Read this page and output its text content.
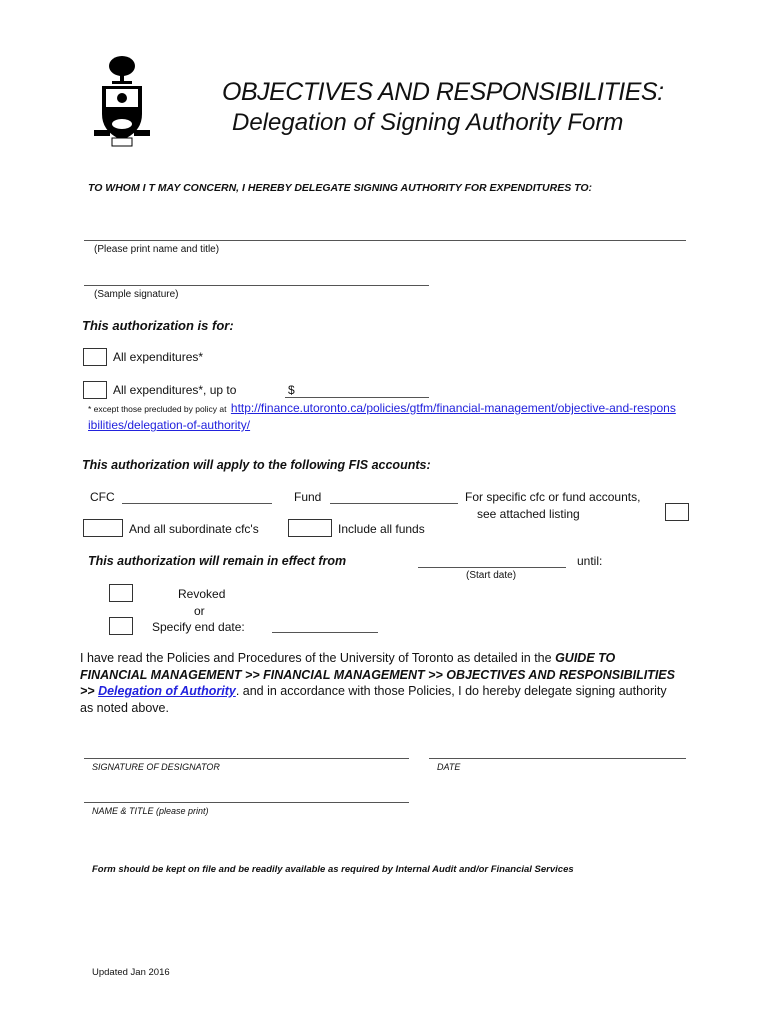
OBJECTIVES AND RESPONSIBILITIES:
Delegation of Signing Authority Form
TO WHOM I T MAY CONCERN, I HEREBY DELEGATE SIGNING AUTHORITY FOR EXPENDITURES TO:
(Please print name and title)
(Sample signature)
This authorization is for:
All expenditures*
All expenditures*, up to	$
* except those precluded by policy at http://finance.utoronto.ca/policies/gtfm/financial-management/objective-and-responsibilities/delegation-of-authority/
This authorization will apply to the following FIS accounts:
CFC	Fund	For specific cfc or fund accounts,
see attached listing
And all subordinate cfc's	Include all funds
This authorization will remain in effect from	until:
(Start date)
Revoked
or
Specify end date:
I have read the Policies and Procedures of the University of Toronto as detailed in the GUIDE TO FINANCIAL MANAGEMENT >> FINANCIAL MANAGEMENT >> OBJECTIVES AND RESPONSIBILITIES >> Delegation of Authority. and in accordance with those Policies, I do hereby delegate signing authority as noted above.
SIGNATURE OF DESIGNATOR	DATE
NAME & TITLE (please print)
Form should be kept on file and be readily available as required by Internal Audit and/or Financial Services
Updated Jan 2016
